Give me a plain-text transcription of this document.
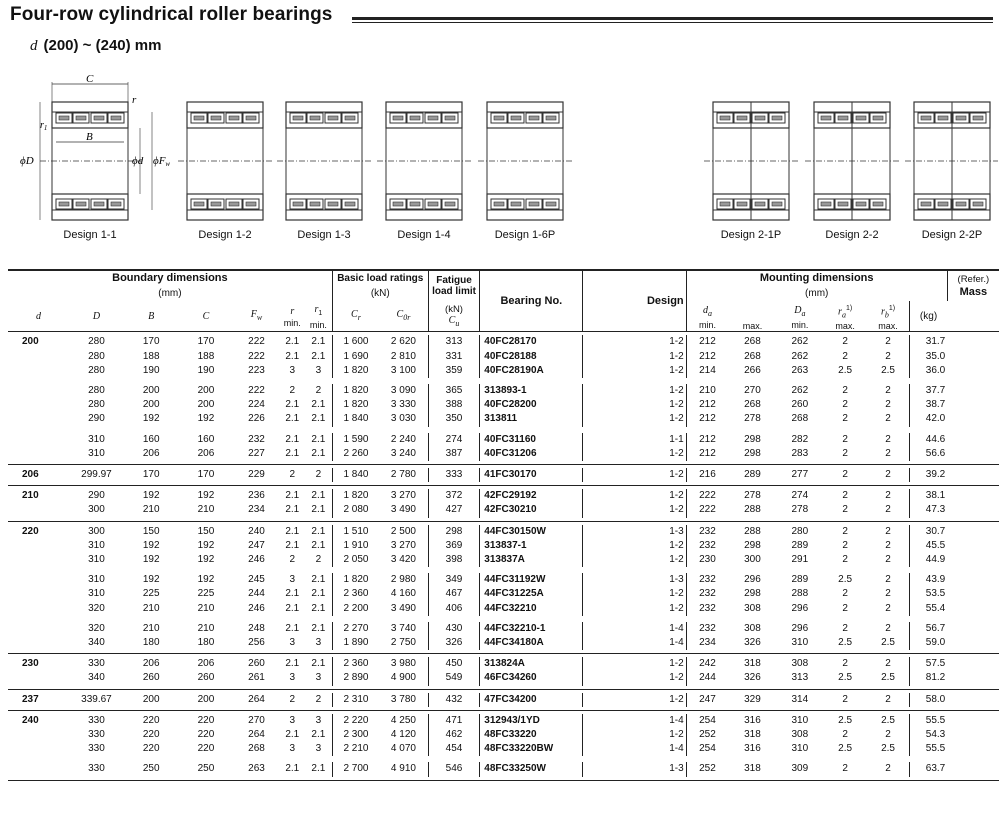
Four-row cylindrical roller bearings
d (200) ~ (240) mm
C
r
$r_1$
B
ϕD	ϕd ϕFw
Design 1-1	Design 1-2	Design 1-3	Design 1-4	Design 1-6P	Design 2-1P	Design 2-2	Design 2-2P
Boundary dimensions
(mm)							Basic load ratings
(kN)		Fatigue
load limit	Bearing No.	Design	Mounting dimensions
(mm)						(Refer.)
Mass
d	D	B	C	$F_w$	r
min.	$r_1$
min.	$C_r$	$C_{0r}$	(kN)
$C_u$			$d_a$
min.	max.	$D_a$
min.	$r_a^{1)}$
max.	$r_b^{1)}$
max.	(kg)	

200	280	170	170	222	2.1	2.1	1 600	2 620	313	40FC28170	1-2	212	268	262	2	2	31.7	
	280	188	188	222	2.1	2.1	1 690	2 810	331	40FC28188	1-2	212	268	262	2	2	35.0	
	280	190	190	223	3	3	1 820	3 100	359	40FC28190A	1-2	214	266	263	2.5	2.5	36.0	

	280	200	200	222	2	2	1 820	3 090	365	313893-1	1-2	210	270	262	2	2	37.7	
	280	200	200	224	2.1	2.1	1 820	3 330	388	40FC28200	1-2	212	268	260	2	2	38.7	
	290	192	192	226	2.1	2.1	1 840	3 030	350	313811	1-2	212	278	268	2	2	42.0	

	310	160	160	232	2.1	2.1	1 590	2 240	274	40FC31160	1-1	212	298	282	2	2	44.6	
	310	206	206	227	2.1	2.1	2 260	3 240	387	40FC31206	1-2	212	298	283	2	2	56.6	

206	299.97	170	170	229	2	2	1 840	2 780	333	41FC30170	1-2	216	289	277	2	2	39.2	

210	290	192	192	236	2.1	2.1	1 820	3 270	372	42FC29192	1-2	222	278	274	2	2	38.1	
	300	210	210	234	2.1	2.1	2 080	3 490	427	42FC30210	1-2	222	288	278	2	2	47.3	

220	300	150	150	240	2.1	2.1	1 510	2 500	298	44FC30150W	1-3	232	288	280	2	2	30.7	
	310	192	192	247	2.1	2.1	1 910	3 270	369	313837-1	1-2	232	298	289	2	2	45.5	
	310	192	192	246	2	2	2 050	3 420	398	313837A	1-2	230	300	291	2	2	44.9	

	310	192	192	245	3	2.1	1 820	2 980	349	44FC31192W	1-3	232	296	289	2.5	2	43.9	
	310	225	225	244	2.1	2.1	2 360	4 160	467	44FC31225A	1-2	232	298	288	2	2	53.5	
	320	210	210	246	2.1	2.1	2 200	3 490	406	44FC32210	1-2	232	308	296	2	2	55.4	

	320	210	210	248	2.1	2.1	2 270	3 740	430	44FC32210-1	1-4	232	308	296	2	2	56.7	
	340	180	180	256	3	3	1 890	2 750	326	44FC34180A	1-4	234	326	310	2.5	2.5	59.0	

230	330	206	206	260	2.1	2.1	2 360	3 980	450	313824A	1-2	242	318	308	2	2	57.5	
	340	260	260	261	3	3	2 890	4 900	549	46FC34260	1-2	244	326	313	2.5	2.5	81.2	

237	339.67	200	200	264	2	2	2 310	3 780	432	47FC34200	1-2	247	329	314	2	2	58.0	

240	330	220	220	270	3	3	2 220	4 250	471	312943/1YD	1-4	254	316	310	2.5	2.5	55.5	
	330	220	220	264	2.1	2.1	2 300	4 120	462	48FC33220	1-2	252	318	308	2	2	54.3	
	330	220	220	268	3	3	2 210	4 070	454	48FC33220BW	1-4	254	316	310	2.5	2.5	55.5	

	330	250	250	263	2.1	2.1	2 700	4 910	546	48FC33250W	1-3	252	318	309	2	2	63.7	
